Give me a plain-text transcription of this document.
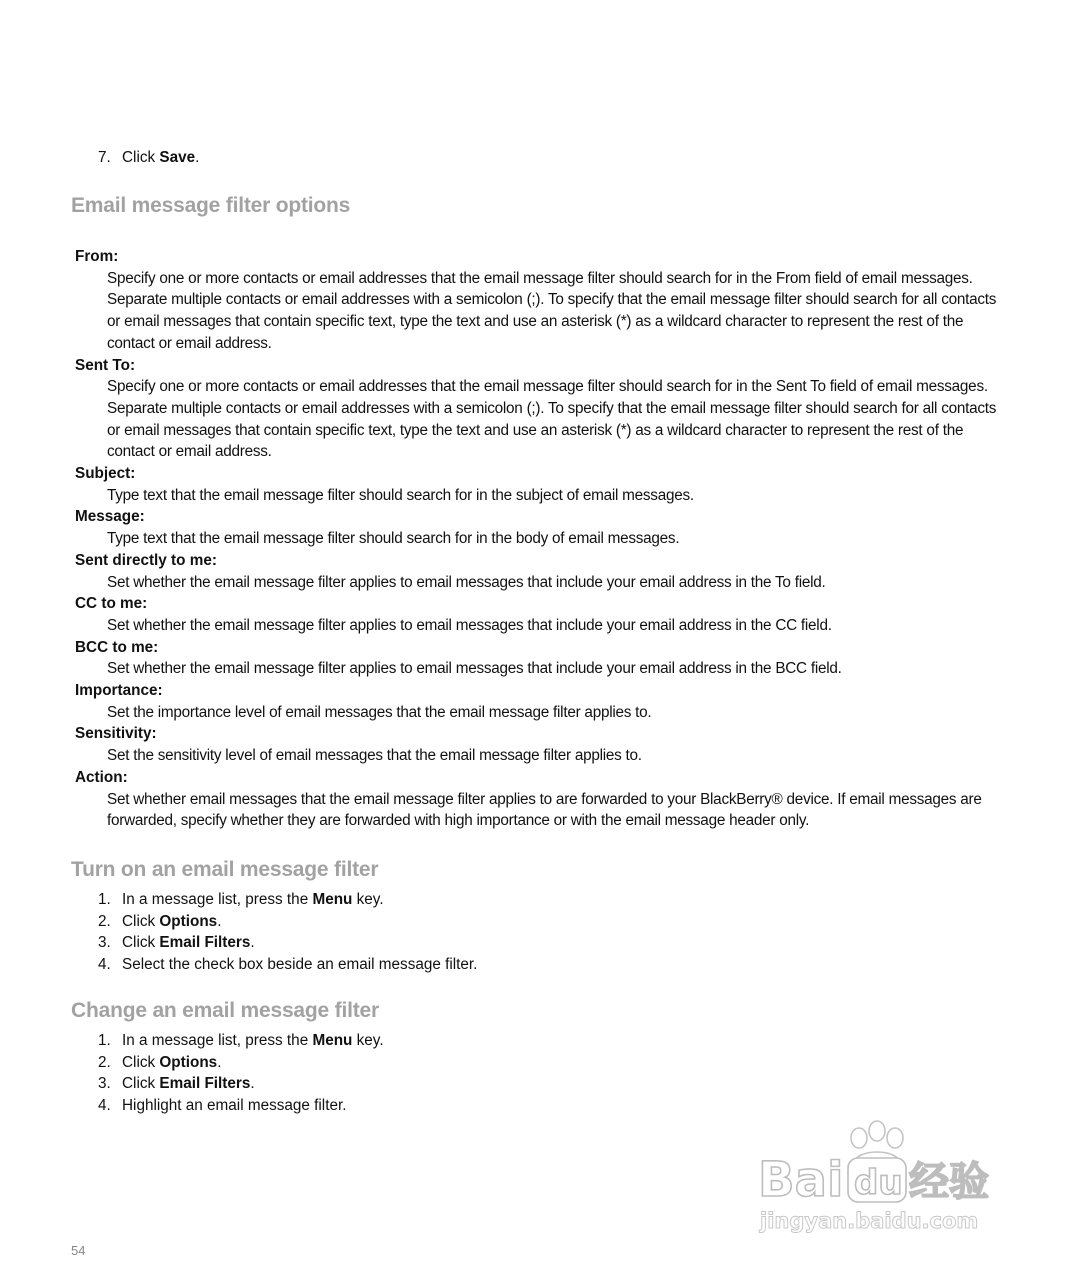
7. Click Save.
Email message filter options
From:
Specify one or more contacts or email addresses that the email message filter should search for in the From field of email messages. Separate multiple contacts or email addresses with a semicolon (;). To specify that the email message filter should search for all contacts or email messages that contain specific text, type the text and use an asterisk (*) as a wildcard character to represent the rest of the contact or email address.
Sent To:
Specify one or more contacts or email addresses that the email message filter should search for in the Sent To field of email messages. Separate multiple contacts or email addresses with a semicolon (;). To specify that the email message filter should search for all contacts or email messages that contain specific text, type the text and use an asterisk (*) as a wildcard character to represent the rest of the contact or email address.
Subject:
Type text that the email message filter should search for in the subject of email messages.
Message:
Type text that the email message filter should search for in the body of email messages.
Sent directly to me:
Set whether the email message filter applies to email messages that include your email address in the To field.
CC to me:
Set whether the email message filter applies to email messages that include your email address in the CC field.
BCC to me:
Set whether the email message filter applies to email messages that include your email address in the BCC field.
Importance:
Set the importance level of email messages that the email message filter applies to.
Sensitivity:
Set the sensitivity level of email messages that the email message filter applies to.
Action:
Set whether email messages that the email message filter applies to are forwarded to your BlackBerry® device. If email messages are forwarded, specify whether they are forwarded with high importance or with the email message header only.
Turn on an email message filter
1. In a message list, press the Menu key.
2. Click Options.
3. Click Email Filters.
4. Select the check box beside an email message filter.
Change an email message filter
1. In a message list, press the Menu key.
2. Click Options.
3. Click Email Filters.
4. Highlight an email message filter.
Bai du 经验
jingyan.baidu.com
54
